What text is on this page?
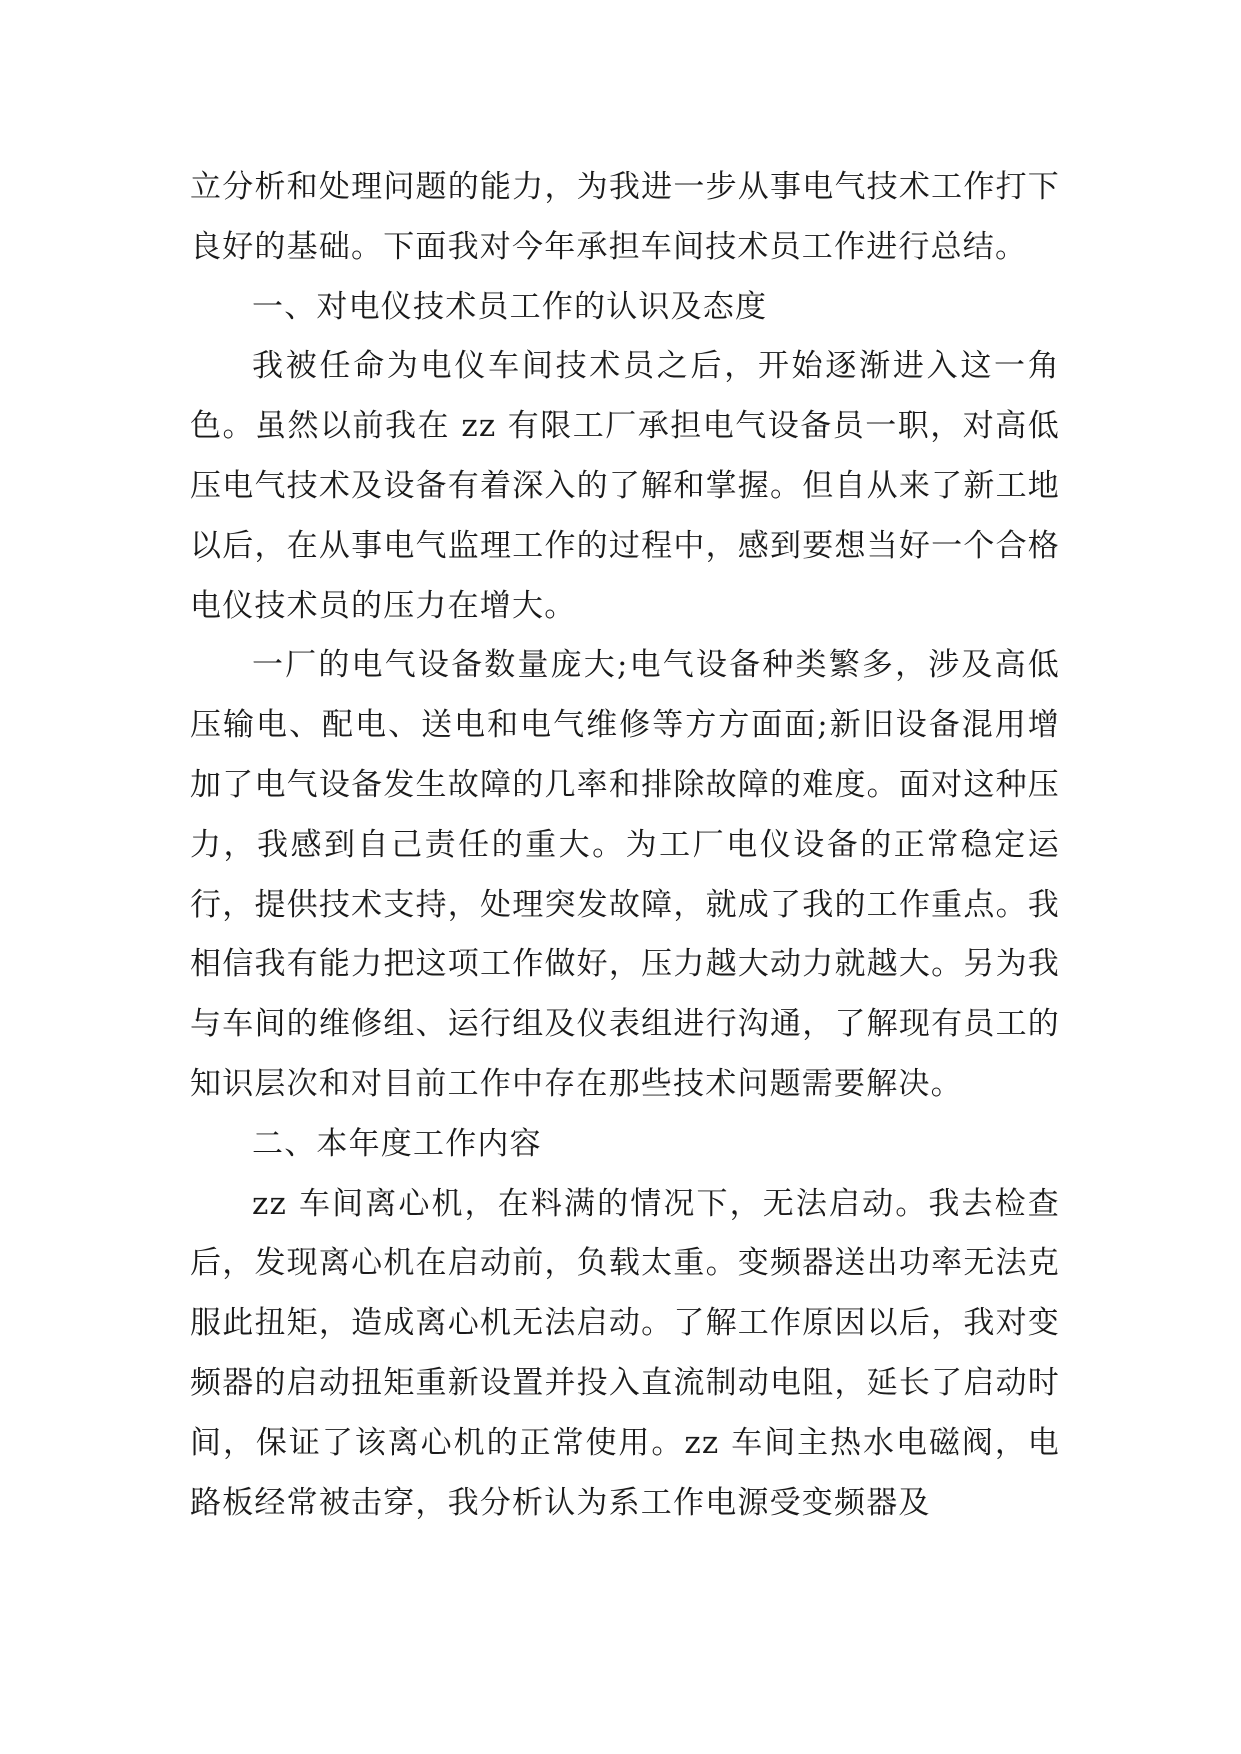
立分析和处理问题的能力，为我进一步从事电气技术工作打下良好的基础。下面我对今年承担车间技术员工作进行总结。

一、对电仪技术员工作的认识及态度

我被任命为电仪车间技术员之后，开始逐渐进入这一角色。虽然以前我在 zz 有限工厂承担电气设备员一职，对高低压电气技术及设备有着深入的了解和掌握。但自从来了新工地以后，在从事电气监理工作的过程中，感到要想当好一个合格电仪技术员的压力在增大。

一厂的电气设备数量庞大;电气设备种类繁多，涉及高低压输电、配电、送电和电气维修等方方面面;新旧设备混用增加了电气设备发生故障的几率和排除故障的难度。面对这种压力，我感到自己责任的重大。为工厂电仪设备的正常稳定运行，提供技术支持，处理突发故障，就成了我的工作重点。我相信我有能力把这项工作做好，压力越大动力就越大。另为我与车间的维修组、运行组及仪表组进行沟通，了解现有员工的知识层次和对目前工作中存在那些技术问题需要解决。

二、本年度工作内容

zz 车间离心机，在料满的情况下，无法启动。我去检查后，发现离心机在启动前，负载太重。变频器送出功率无法克服此扭矩，造成离心机无法启动。了解工作原因以后，我对变频器的启动扭矩重新设置并投入直流制动电阻，延长了启动时间，保证了该离心机的正常使用。zz 车间主热水电磁阀，电路板经常被击穿，我分析认为系工作电源受变频器及
